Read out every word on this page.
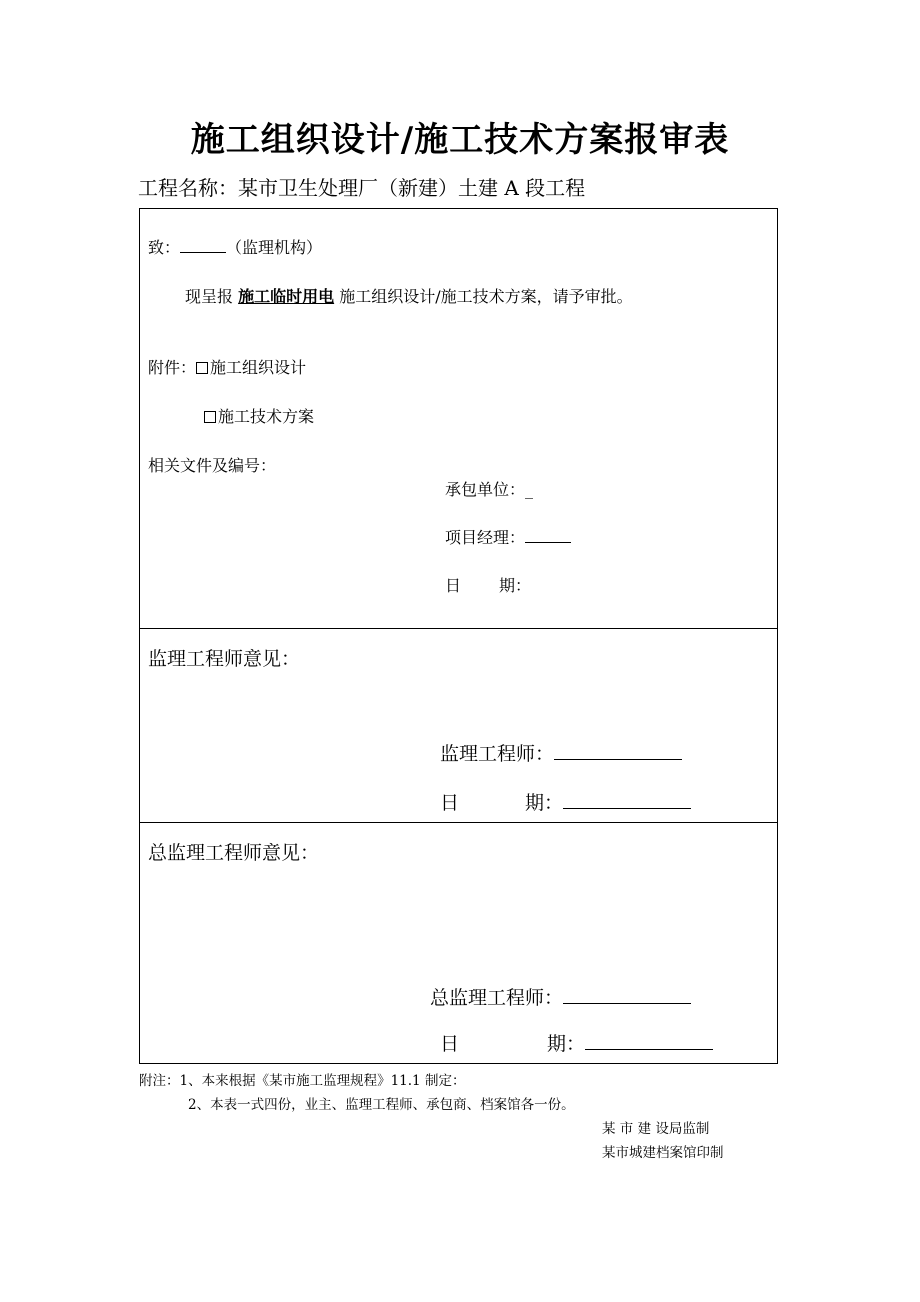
施工组织设计/施工技术方案报审表
工程名称：某市卫生处理厂（新建）土建 A 段工程
致：	（监理机构）
现呈报 施工临时用电 施工组织设计/施工技术方案，请予审批。
附件： 施工组织设计
施工技术方案
相关文件及编号：
承包单位：_
项目经理：
日 期：
监理工程师意见：
监理工程师：
日	期：
总监理工程师意见：
总监理工程师：
日	期：
附注：1、本来根据《某市施工监理规程》11.1 制定：
2、本表一式四份，业主、监理工程师、承包商、档案馆各一份。
某 市 建 设局监制
某市城建档案馆印制
